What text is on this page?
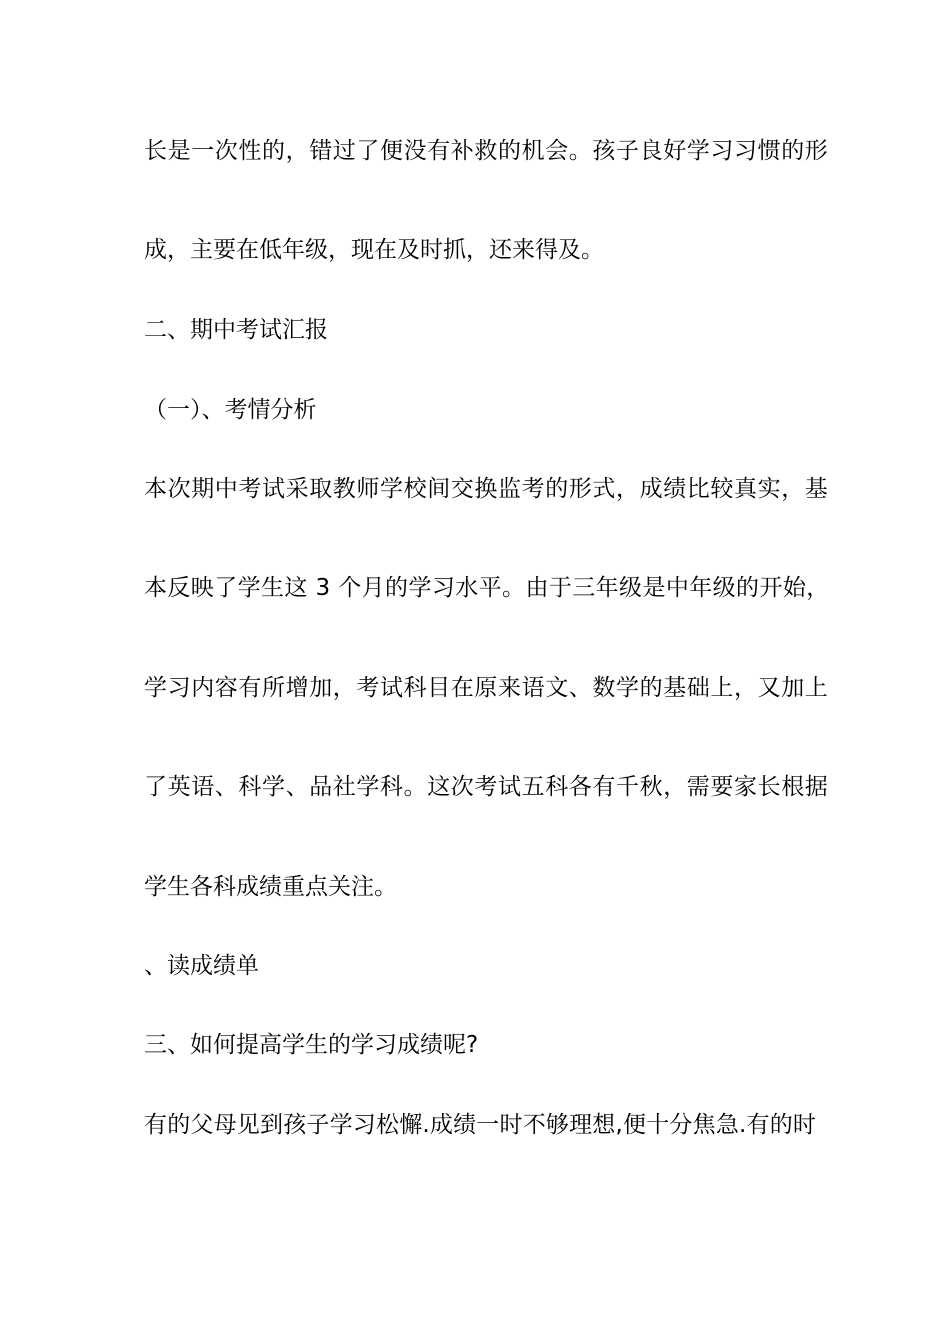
长是一次性的，错过了便没有补救的机会。孩子良好学习习惯的形
成，主要在低年级，现在及时抓，还来得及。
二、期中考试汇报
（一）、考情分析
本次期中考试采取教师学校间交换监考的形式，成绩比较真实，基
本反映了学生这 3 个月的学习水平。由于三年级是中年级的开始，
学习内容有所增加，考试科目在原来语文、数学的基础上，又加上
了英语、科学、品社学科。这次考试五科各有千秋，需要家长根据
学生各科成绩重点关注。
、读成绩单
三、如何提高学生的学习成绩呢?
有的父母见到孩子学习松懈.成绩一时不够理想,便十分焦急.有的时
